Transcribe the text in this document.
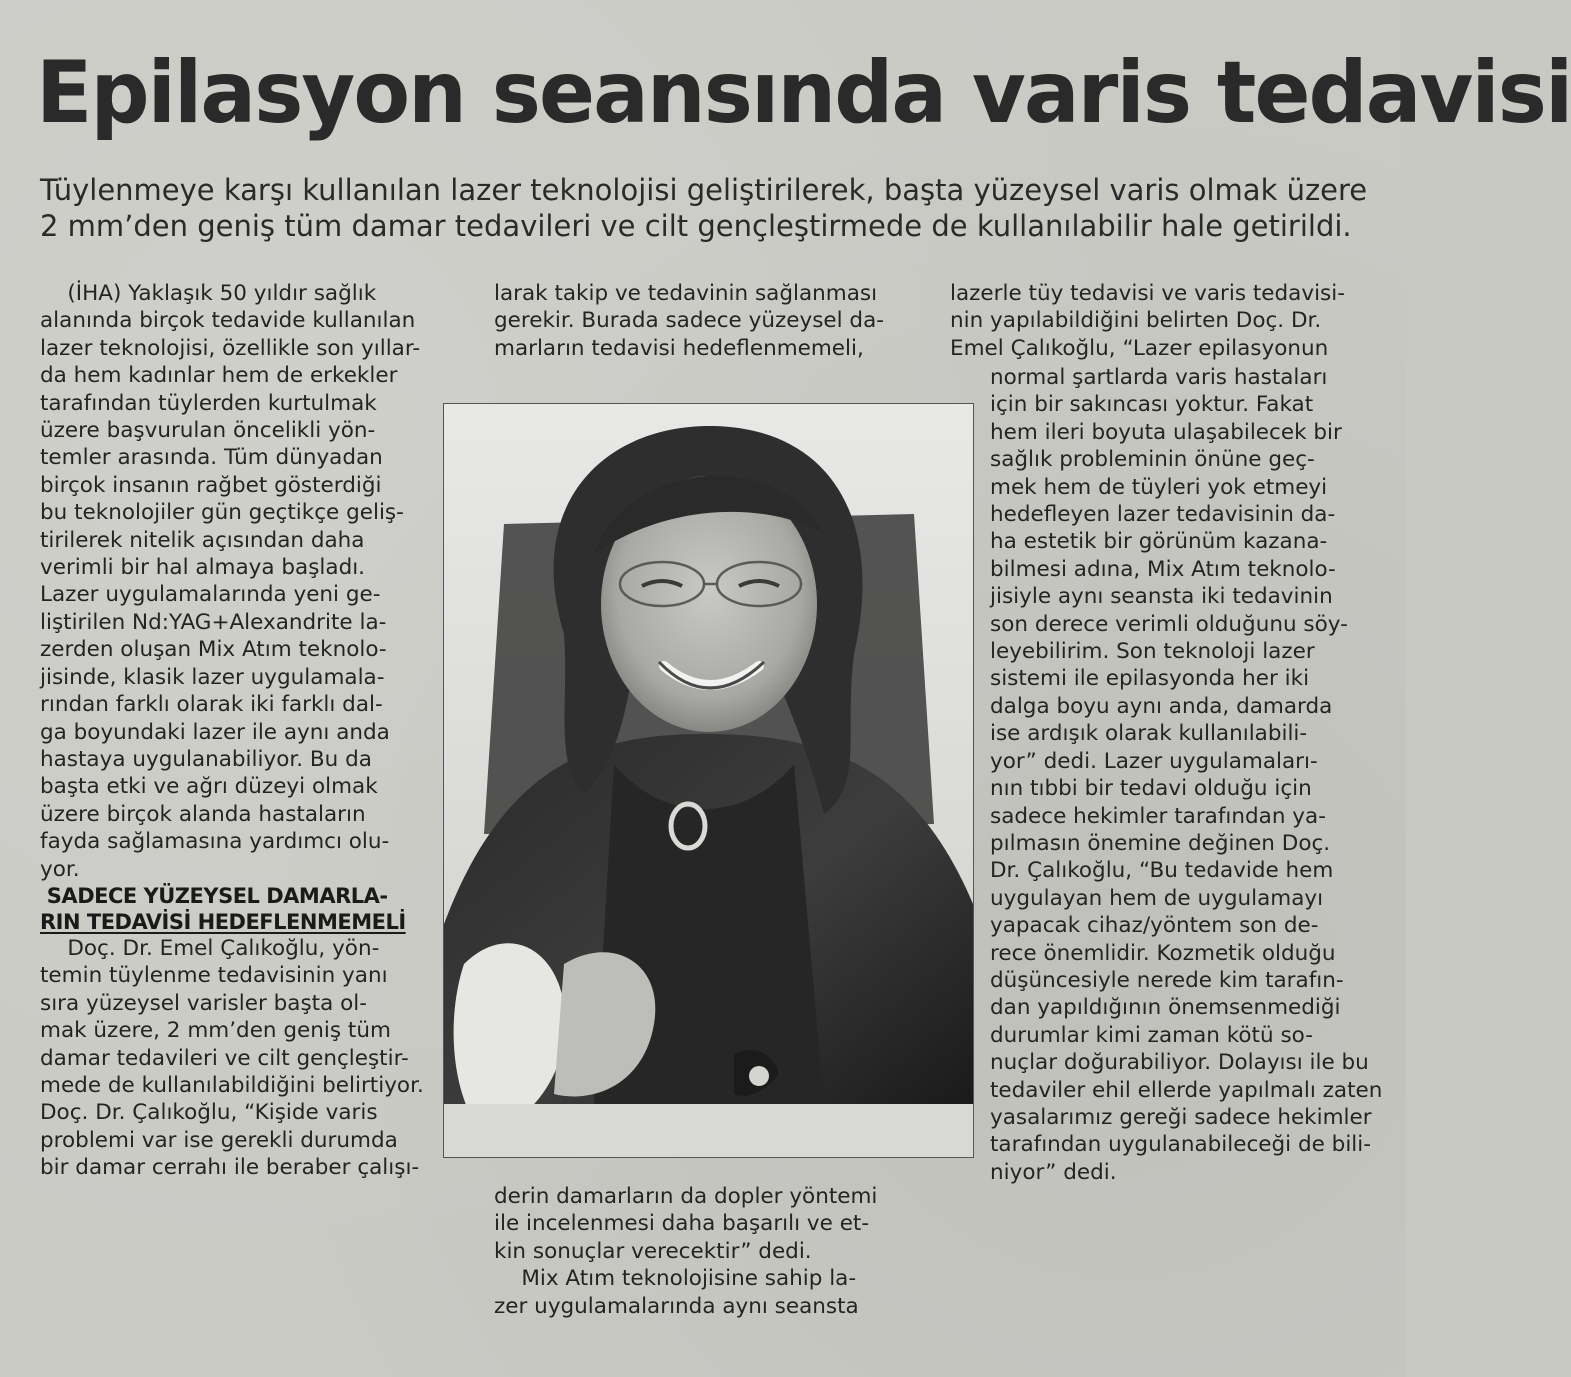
Epilasyon seansında varis tedavisi
Tüylenmeye karşı kullanılan lazer teknolojisi geliştirilerek, başta yüzeysel varis olmak üzere
2 mm’den geniş tüm damar tedavileri ve cilt gençleştirmede de kullanılabilir hale getirildi.
(İHA) Yaklaşık 50 yıldır sağlık
alanında birçok tedavide kullanılan
lazer teknolojisi, özellikle son yıllar-
da hem kadınlar hem de erkekler
tarafından tüylerden kurtulmak
üzere başvurulan öncelikli yön-
temler arasında. Tüm dünyadan
birçok insanın rağbet gösterdiği
bu teknolojiler gün geçtikçe geliş-
tirilerek nitelik açısından daha
verimli bir hal almaya başladı.
Lazer uygulamalarında yeni ge-
liştirilen Nd:YAG+Alexandrite la-
zerden oluşan Mix Atım teknolo-
jisinde, klasik lazer uygulamala-
rından farklı olarak iki farklı dal-
ga boyundaki lazer ile aynı anda
hastaya uygulanabiliyor. Bu da
başta etki ve ağrı düzeyi olmak
üzere birçok alanda hastaların
fayda sağlamasına yardımcı olu-
yor.
SADECE YÜZEYSEL DAMARLA-
RIN TEDAVİSİ HEDEFLENMEMELİ
Doç. Dr. Emel Çalıkoğlu, yön-
temin tüylenme tedavisinin yanı
sıra yüzeysel varisler başta ol-
mak üzere, 2 mm’den geniş tüm
damar tedavileri ve cilt gençleştir-
mede de kullanılabildiğini belirtiyor.
Doç. Dr. Çalıkoğlu, “Kişide varis
problemi var ise gerekli durumda
bir damar cerrahı ile beraber çalışı-
larak takip ve tedavinin sağlanması
gerekir. Burada sadece yüzeysel da-
marların tedavisi hedeflenmemeli,
derin damarların da dopler yöntemi
ile incelenmesi daha başarılı ve et-
kin sonuçlar verecektir” dedi.
Mix Atım teknolojisine sahip la-
zer uygulamalarında aynı seansta
lazerle tüy tedavisi ve varis tedavisi-
nin yapılabildiğini belirten Doç. Dr.
Emel Çalıkoğlu, “Lazer epilasyonun
normal şartlarda varis hastaları
için bir sakıncası yoktur. Fakat
hem ileri boyuta ulaşabilecek bir
sağlık probleminin önüne geç-
mek hem de tüyleri yok etmeyi
hedefleyen lazer tedavisinin da-
ha estetik bir görünüm kazana-
bilmesi adına, Mix Atım teknolo-
jisiyle aynı seansta iki tedavinin
son derece verimli olduğunu söy-
leyebilirim. Son teknoloji lazer
sistemi ile epilasyonda her iki
dalga boyu aynı anda, damarda
ise ardışık olarak kullanılabili-
yor” dedi. Lazer uygulamaları-
nın tıbbi bir tedavi olduğu için
sadece hekimler tarafından ya-
pılmasın önemine değinen Doç.
Dr. Çalıkoğlu, “Bu tedavide hem
uygulayan hem de uygulamayı
yapacak cihaz/yöntem son de-
rece önemlidir. Kozmetik olduğu
düşüncesiyle nerede kim tarafın-
dan yapıldığının önemsenmediği
durumlar kimi zaman kötü so-
nuçlar doğurabiliyor. Dolayısı ile bu
tedaviler ehil ellerde yapılmalı zaten
yasalarımız gereği sadece hekimler
tarafından uygulanabileceği de bili-
niyor” dedi.
